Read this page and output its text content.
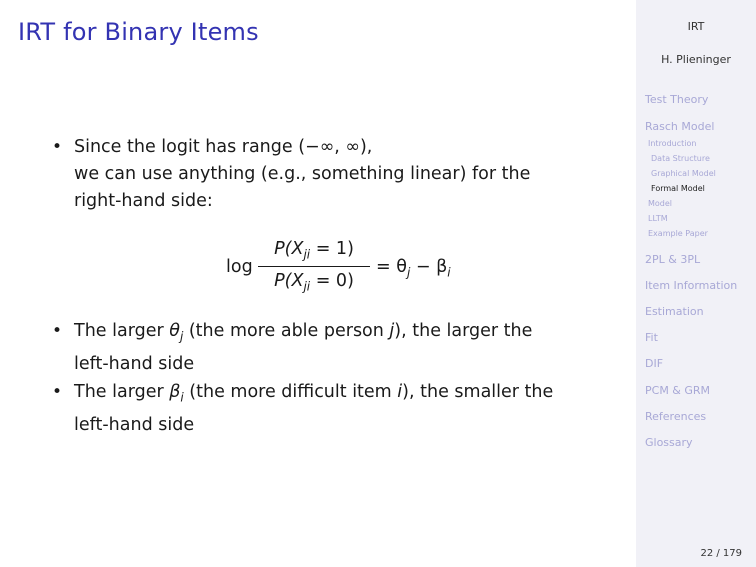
IRT for Binary Items
• Since the logit has range (−∞, ∞),
we can use anything (e.g., something linear) for the
right-hand side:
log
$P(X_{ji} = 1)$
$P(X_{ji} = 0)$
= $\theta_j - \beta_i$
• The larger $\theta_j$ (the more able person j), the larger the
left-hand side
• The larger $\beta_i$ (the more difficult item i), the smaller the
left-hand side
IRT
H. Plieninger
Test Theory
Rasch Model
Introduction
Data Structure
Graphical Model
Formal Model
Model
LLTM
Example Paper
2PL & 3PL
Item Information
Estimation
Fit
DIF
PCM & GRM
References
Glossary
22 / 179
